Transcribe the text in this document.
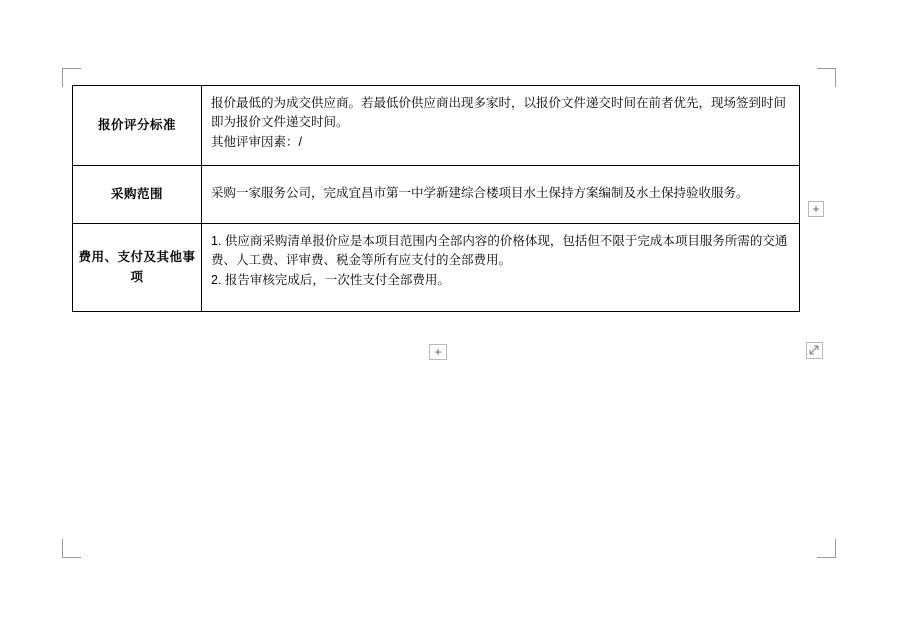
报价评分标准	报价最低的为成交供应商。若最低价供应商出现多家时，以报价文件递交时间在前者优先，现场签到时间即为报价文件递交时间。

其他评审因素：/

采购范围	采购一家服务公司，完成宜昌市第一中学新建综合楼项目水土保持方案编制及水土保持验收服务。

费用、支付及其他事项	1. 供应商采购清单报价应是本项目范围内全部内容的价格体现，包括但不限于完成本项目服务所需的交通费、人工费、评审费、税金等所有应支付的全部费用。

2. 报告审核完成后，一次性支付全部费用。

+
+
